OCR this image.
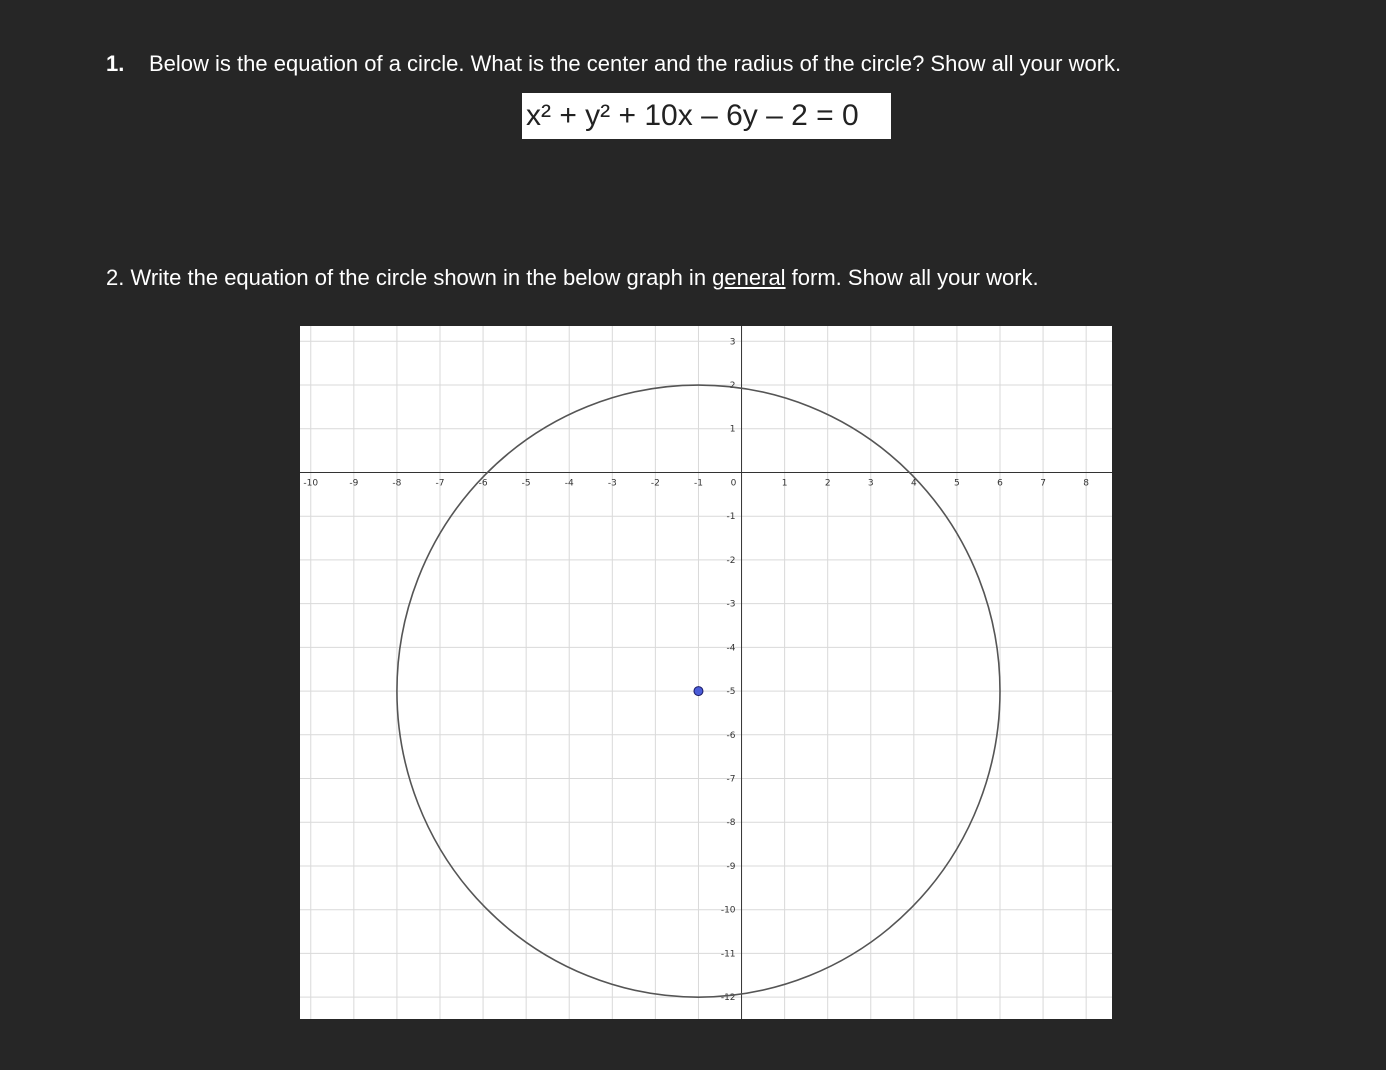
1. Below is the equation of a circle. What is the center and the radius of the circle? Show all your work.
x² + y² + 10x – 6y – 2 = 0
2. Write the equation of the circle shown in the below graph in general form. Show all your work.
-10	-9	-8	-7	-6	-5	-4	-3	-2	-1	0	1	2	3	4	5	6	7	8
3
2
1
-1
-2
-3
-4
-5
-6
-7
-8
-9
-10
-11
-12
